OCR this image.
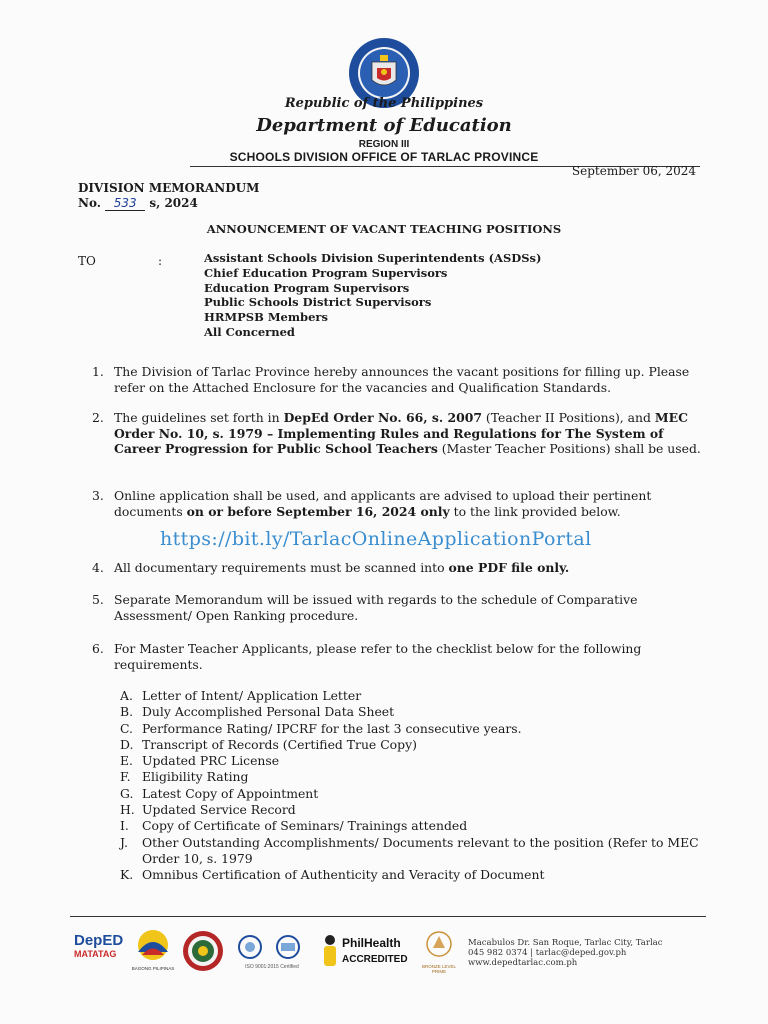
Republic of the Philippines
Department of Education
REGION III
SCHOOLS DIVISION OFFICE OF TARLAC PROVINCE
September 06, 2024
DIVISION MEMORANDUM
No. 533 s, 2024
ANNOUNCEMENT OF VACANT TEACHING POSITIONS
TO	:	Assistant Schools Division Superintendents (ASDSs)
Chief Education Program Supervisors
Education Program Supervisors
Public Schools District Supervisors
HRMPSB Members
All Concerned
1. The Division of Tarlac Province hereby announces the vacant positions for filling up. Please refer on the Attached Enclosure for the vacancies and Qualification Standards.
2. The guidelines set forth in DepEd Order No. 66, s. 2007 (Teacher II Positions), and MEC Order No. 10, s. 1979 – Implementing Rules and Regulations for The System of Career Progression for Public School Teachers (Master Teacher Positions) shall be used.
3. Online application shall be used, and applicants are advised to upload their pertinent documents on or before September 16, 2024 only to the link provided below.
https://bit.ly/TarlacOnlineApplicationPortal
4. All documentary requirements must be scanned into one PDF file only.
5. Separate Memorandum will be issued with regards to the schedule of Comparative Assessment/ Open Ranking procedure.
6. For Master Teacher Applicants, please refer to the checklist below for the following requirements.
A. Letter of Intent/ Application Letter
B. Duly Accomplished Personal Data Sheet
C. Performance Rating/ IPCRF for the last 3 consecutive years.
D. Transcript of Records (Certified True Copy)
E. Updated PRC License
F. Eligibility Rating
G. Latest Copy of Appointment
H. Updated Service Record
I. Copy of Certificate of Seminars/ Trainings attended
J. Other Outstanding Accomplishments/ Documents relevant to the position (Refer to MEC Order 10, s. 1979
K. Omnibus Certification of Authenticity and Veracity of Document
DepED
MATATAG
BAGONG PILIPINAS	ISO 9001:2015 Certified
PhilHealth
ACCREDITED
BRONZE LEVEL PRIME
Macabulos Dr. San Roque, Tarlac City, Tarlac
045 982 0374 | tarlac@deped.gov.ph
www.depedtarlac.com.ph
